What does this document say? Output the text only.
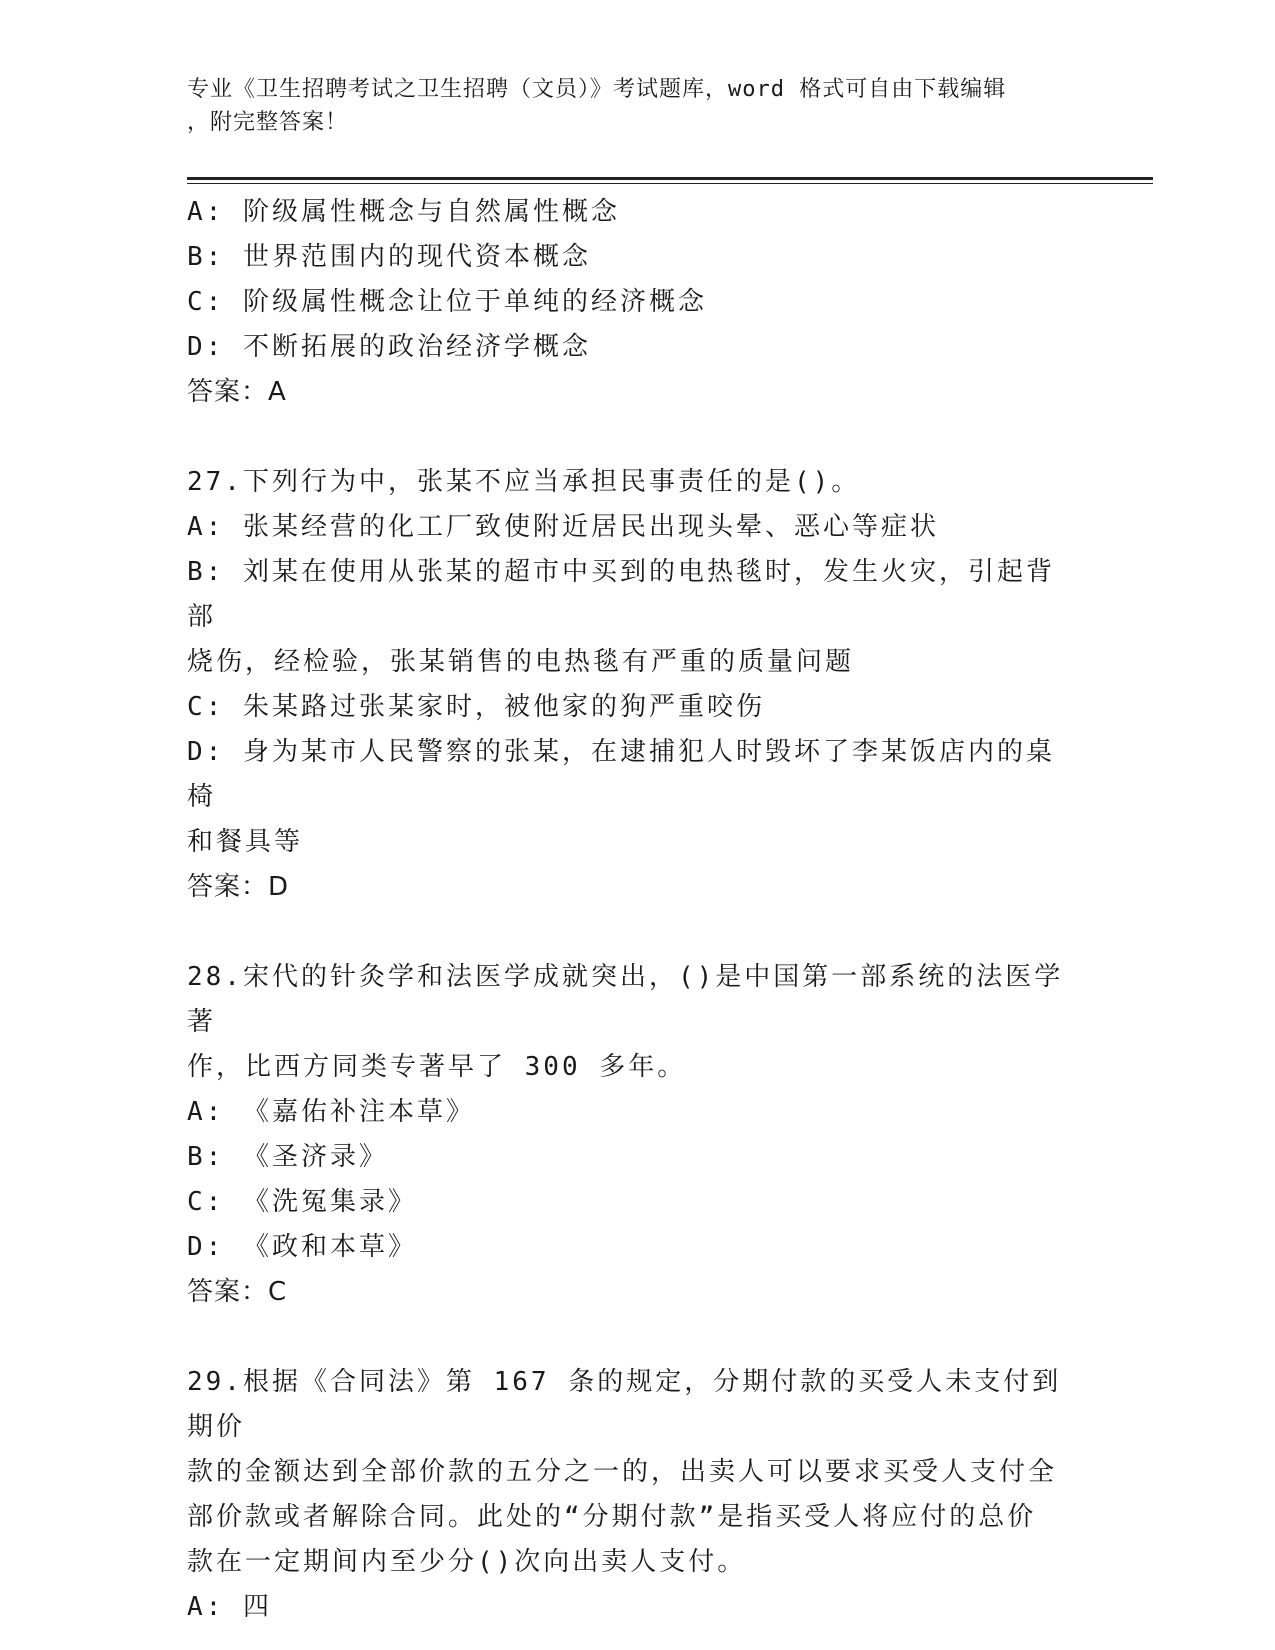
专业《卫生招聘考试之卫生招聘（文员）》考试题库，word 格式可自由下载编辑
，附完整答案！
A: 阶级属性概念与自然属性概念
B: 世界范围内的现代资本概念
C: 阶级属性概念让位于单纯的经济概念
D: 不断拓展的政治经济学概念
答案：A
27.下列行为中，张某不应当承担民事责任的是()。
A: 张某经营的化工厂致使附近居民出现头晕、恶心等症状
B: 刘某在使用从张某的超市中买到的电热毯时，发生火灾，引起背部
烧伤，经检验，张某销售的电热毯有严重的质量问题
C: 朱某路过张某家时，被他家的狗严重咬伤
D: 身为某市人民警察的张某，在逮捕犯人时毁坏了李某饭店内的桌椅
和餐具等
答案：D
28.宋代的针灸学和法医学成就突出，()是中国第一部系统的法医学著
作，比西方同类专著早了 300 多年。
A: 《嘉佑补注本草》
B: 《圣济录》
C: 《洗冤集录》
D: 《政和本草》
答案：C
29.根据《合同法》第 167 条的规定，分期付款的买受人未支付到期价
款的金额达到全部价款的五分之一的，出卖人可以要求买受人支付全
部价款或者解除合同。此处的“分期付款”是指买受人将应付的总价
款在一定期间内至少分()次向出卖人支付。
A: 四
